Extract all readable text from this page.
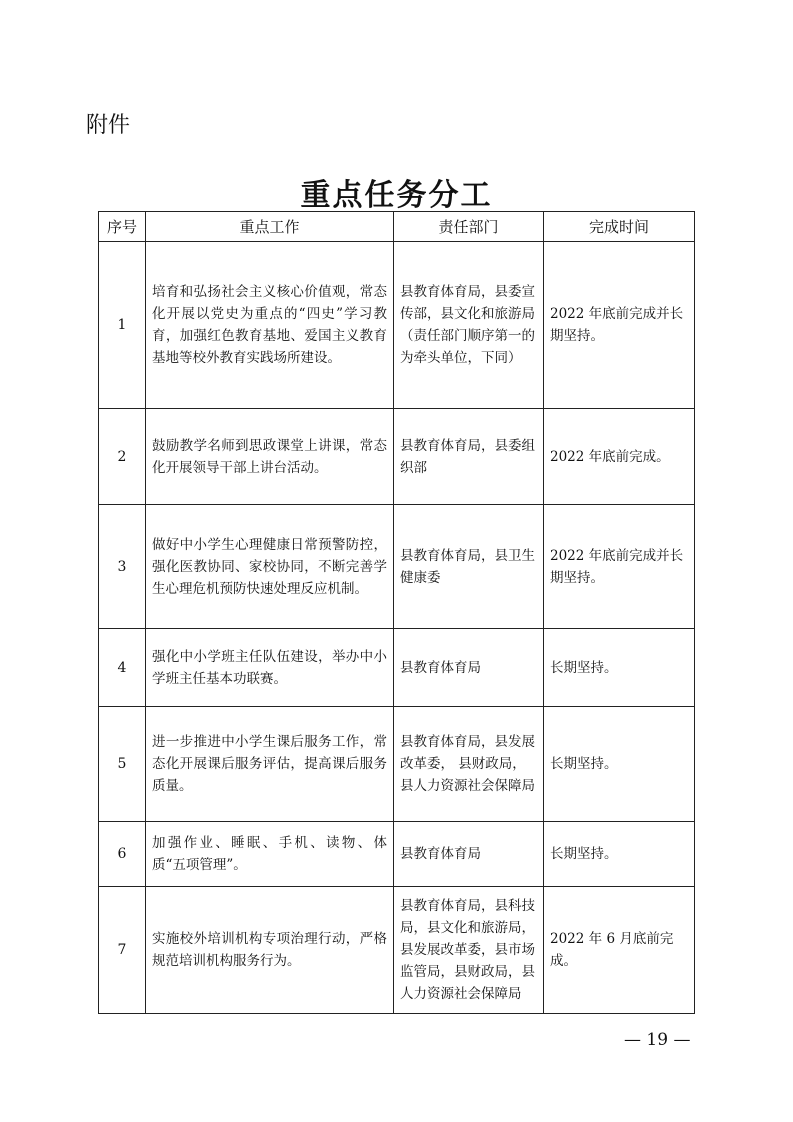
附件
重点任务分工
序号	重点工作	责任部门	完成时间
1	培育和弘扬社会主义核心价值观，常态化开展以党史为重点的“四史”学习教育，加强红色教育基地、爱国主义教育基地等校外教育实践场所建设。	县教育体育局，县委宣传部，县文化和旅游局（责任部门顺序第一的为牵头单位，下同）	2022 年底前完成并长期坚持。
2	鼓励教学名师到思政课堂上讲课，常态化开展领导干部上讲台活动。	县教育体育局，县委组织部	2022 年底前完成。
3	做好中小学生心理健康日常预警防控，强化医教协同、家校协同，不断完善学生心理危机预防快速处理反应机制。	县教育体育局，县卫生健康委	2022 年底前完成并长期坚持。
4	强化中小学班主任队伍建设，举办中小学班主任基本功联赛。	县教育体育局	长期坚持。
5	进一步推进中小学生课后服务工作，常态化开展课后服务评估，提高课后服务质量。	县教育体育局，县发展改革委， 县财政局，县人力资源社会保障局	长期坚持。
6	加强作业、睡眠、手机、读物、体质“五项管理”。	县教育体育局	长期坚持。
7	实施校外培训机构专项治理行动，严格规范培训机构服务行为。	县教育体育局，县科技局，县文化和旅游局，县发展改革委，县市场监管局，县财政局，县人力资源社会保障局	2022 年 6 月底前完成。
— 19 —
